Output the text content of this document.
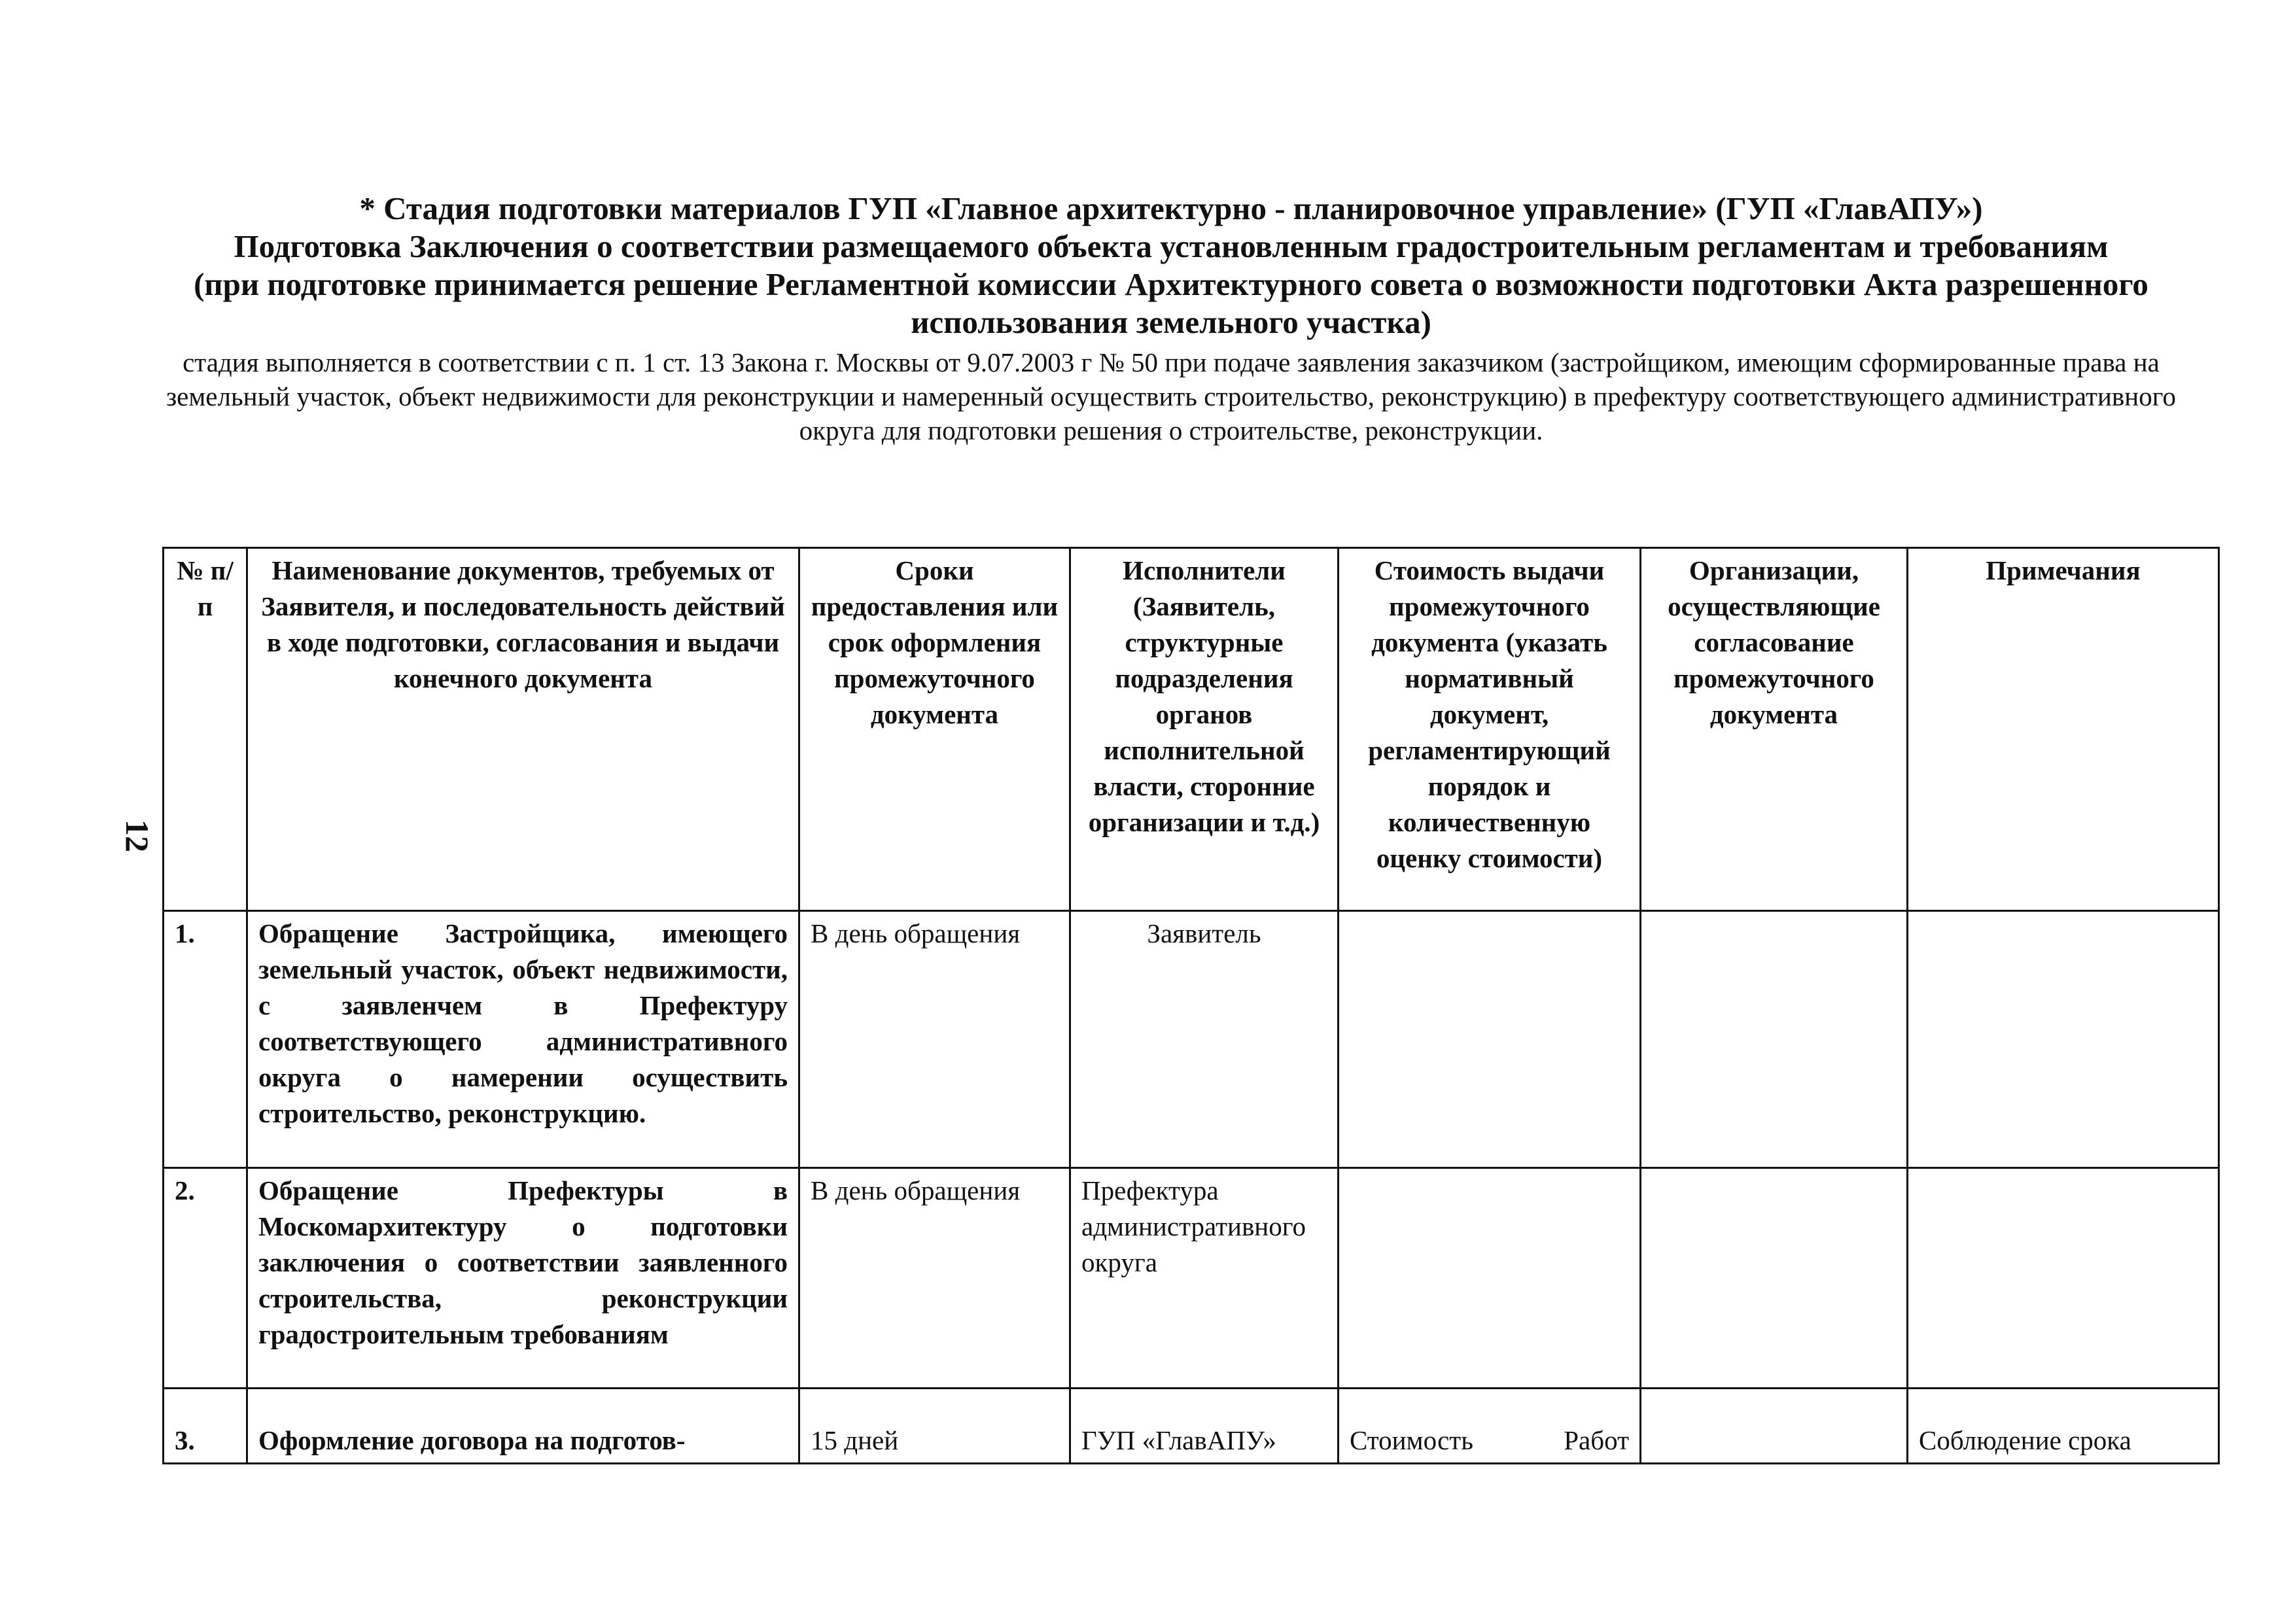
12

* Стадия подготовки материалов ГУП «Главное архитектурно - планировочное управление» (ГУП «ГлавАПУ»)

Подготовка Заключения о соответствии размещаемого объекта установленным градостроительным регламентам и требованиям

(при подготовке принимается решение Регламентной комиссии Архитектурного совета о возможности подготовки Акта разрешенного использования земельного участка)

стадия выполняется в соответствии с п. 1 ст. 13 Закона г. Москвы от 9.07.2003 г № 50 при подаче заявления заказчиком (застройщиком, имеющим сформированные права на земельный участок, объект недвижимости для реконструкции и намеренный осуществить строительство, реконструкцию) в префектуру соответствующего административного округа для подготовки решения о строительстве, реконструкции.

№ п/п	Наименование документов, требуемых от Заявителя, и последовательность действий в ходе подготовки, согласования и выдачи конечного документа	Сроки предоставления или срок оформления промежуточного документа	Исполнители (Заявитель, структурные подразделения органов исполнительной власти, сторонние организации и т.д.)	Стоимость выдачи промежуточного документа (указать нормативный документ, регламентирующий порядок и количественную оценку стоимости)	Организации, осуществляющие согласование промежуточного документа	Примечания
1.	Обращение Застройщика, имеющего земельный участок, объект недвижимости, с заявленчем в Префектуру соответствующего административного округа о намерении осуществить строительство, реконструкцию.	В день обращения	Заявитель	

2.	Обращение Префектуры в Москомархитектуру о подготовки заключения о соответствии заявленного строительства, реконструкции градостроительным требованиям	В день обращения	Префектура административного округа	

3.	Оформление договора на подготов-	15 дней	ГУП «ГлавАПУ»	Стоимость Работ		Соблюдение срока
